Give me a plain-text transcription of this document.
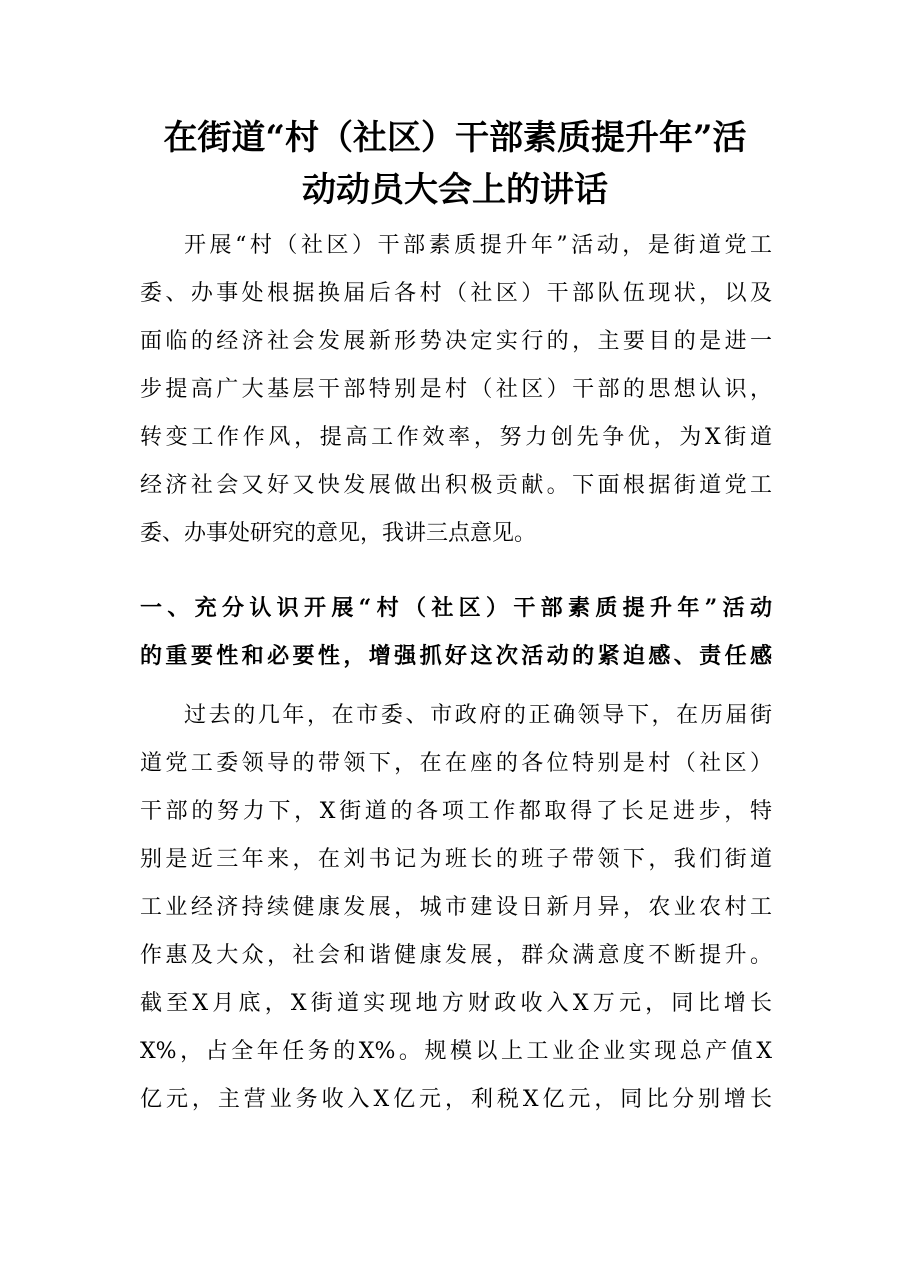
在街道“村（社区）干部素质提升年”活
动动员大会上的讲话
开展“村（社区）干部素质提升年”活动，是街道党工
委、办事处根据换届后各村（社区）干部队伍现状，以及
面临的经济社会发展新形势决定实行的，主要目的是进一
步提高广大基层干部特别是村（社区）干部的思想认识，
转变工作作风，提高工作效率，努力创先争优，为X街道
经济社会又好又快发展做出积极贡献。下面根据街道党工
委、办事处研究的意见，我讲三点意见。
一、充分认识开展“村（社区）干部素质提升年”活动
的重要性和必要性，增强抓好这次活动的紧迫感、责任感
过去的几年，在市委、市政府的正确领导下，在历届街
道党工委领导的带领下，在在座的各位特别是村（社区）
干部的努力下，X街道的各项工作都取得了长足进步，特
别是近三年来，在刘书记为班长的班子带领下，我们街道
工业经济持续健康发展，城市建设日新月异，农业农村工
作惠及大众，社会和谐健康发展，群众满意度不断提升。
截至X月底，X街道实现地方财政收入X万元，同比增长
X%，占全年任务的X%。规模以上工业企业实现总产值X
亿元，主营业务收入X亿元，利税X亿元，同比分别增长
